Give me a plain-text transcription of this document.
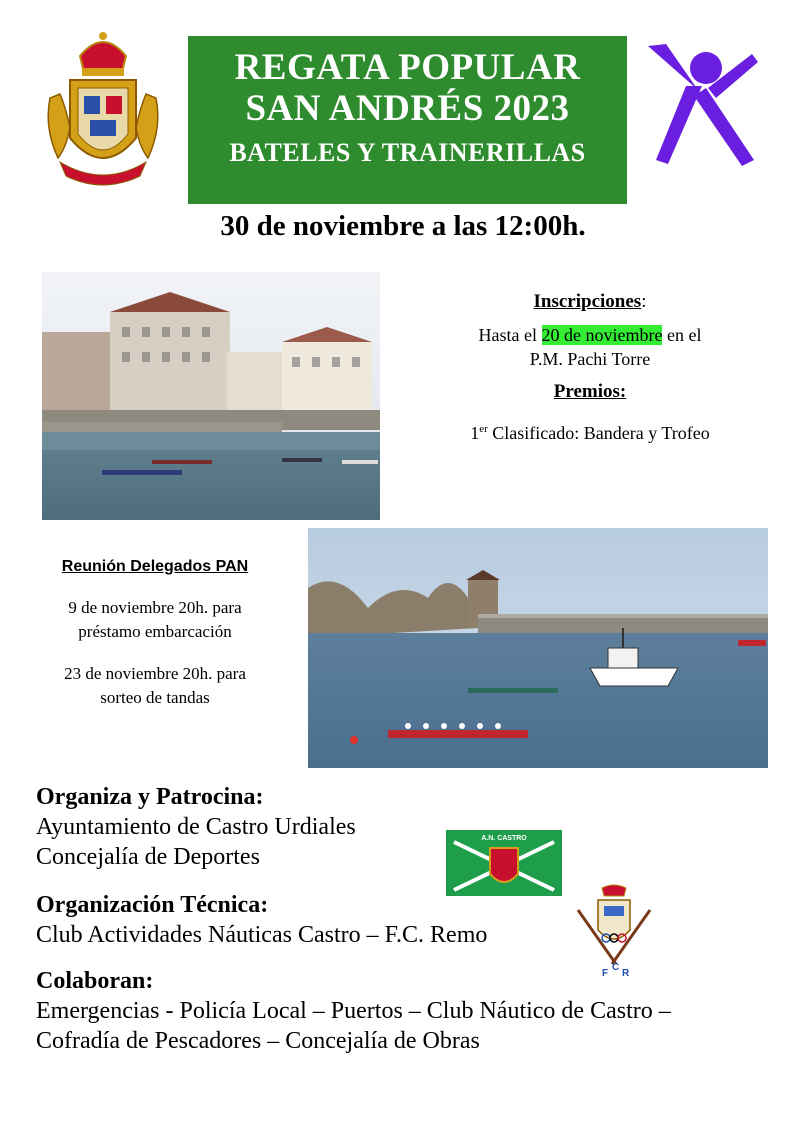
REGATA POPULAR
SAN ANDRÉS 2023
BATELES Y TRAINERILLAS
30 de noviembre a las 12:00h.
Inscripciones:
Hasta el 20 de noviembre en el
P.M. Pachi Torre
Premios:
1er Clasificado: Bandera y Trofeo
Reunión Delegados PAN
9 de noviembre 20h. para
préstamo embarcación
23 de noviembre 20h. para
sorteo de tandas
Organiza y Patrocina:
Ayuntamiento de Castro Urdiales
Concejalía de Deportes
A.N. CASTRO
Organización Técnica:
Club Actividades Náuticas Castro – F.C. Remo
F
C
R
Colaboran:
Emergencias - Policía Local – Puertos – Club Náutico de Castro –
Cofradía de Pescadores – Concejalía de Obras
